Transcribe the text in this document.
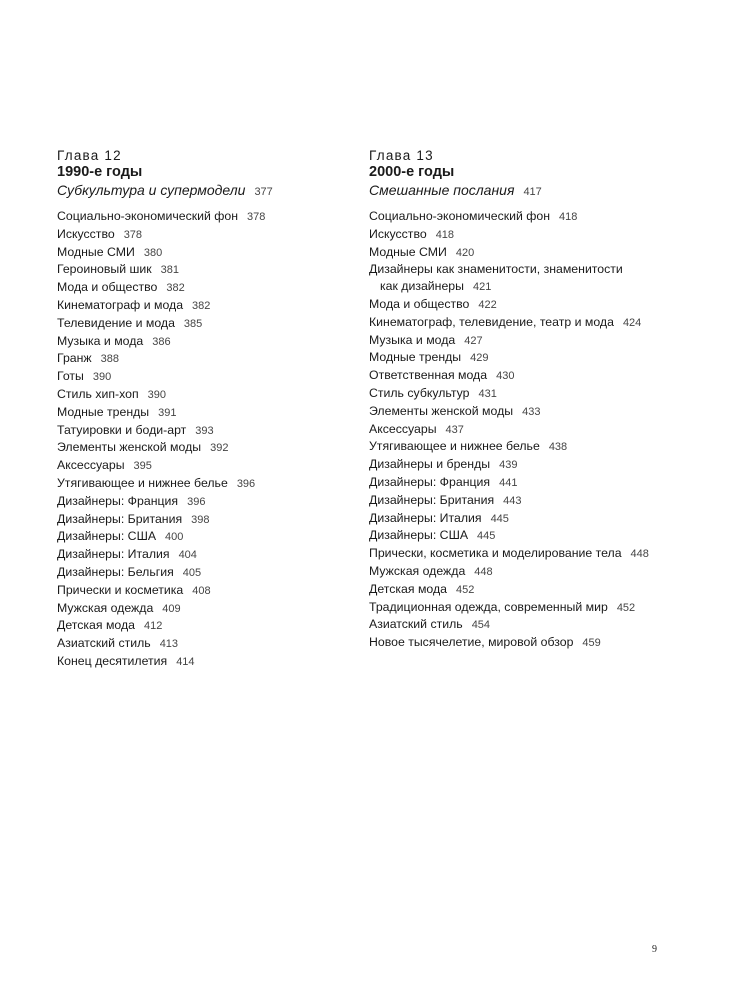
Глава 12
1990-е годы
Субкультура и супермодели 377
Социально-экономический фон 378
Искусство 378
Модные СМИ 380
Героиновый шик 381
Мода и общество 382
Кинематограф и мода 382
Телевидение и мода 385
Музыка и мода 386
Гранж 388
Готы 390
Стиль хип-хоп 390
Модные тренды 391
Татуировки и боди-арт 393
Элементы женской моды 392
Аксессуары 395
Утягивающее и нижнее белье 396
Дизайнеры: Франция 396
Дизайнеры: Британия 398
Дизайнеры: США 400
Дизайнеры: Италия 404
Дизайнеры: Бельгия 405
Прически и косметика 408
Мужская одежда 409
Детская мода 412
Азиатский стиль 413
Конец десятилетия 414
Глава 13
2000-е годы
Смешанные послания 417
Социально-экономический фон 418
Искусство 418
Модные СМИ 420
Дизайнеры как знаменитости, знаменитости
как дизайнеры 421
Мода и общество 422
Кинематограф, телевидение, театр и мода 424
Музыка и мода 427
Модные тренды 429
Ответственная мода 430
Стиль субкультур 431
Элементы женской моды 433
Аксессуары 437
Утягивающее и нижнее белье 438
Дизайнеры и бренды 439
Дизайнеры: Франция 441
Дизайнеры: Британия 443
Дизайнеры: Италия 445
Дизайнеры: США 445
Прически, косметика и моделирование тела 448
Мужская одежда 448
Детская мода 452
Традиционная одежда, современный мир 452
Азиатский стиль 454
Новое тысячелетие, мировой обзор 459
9
